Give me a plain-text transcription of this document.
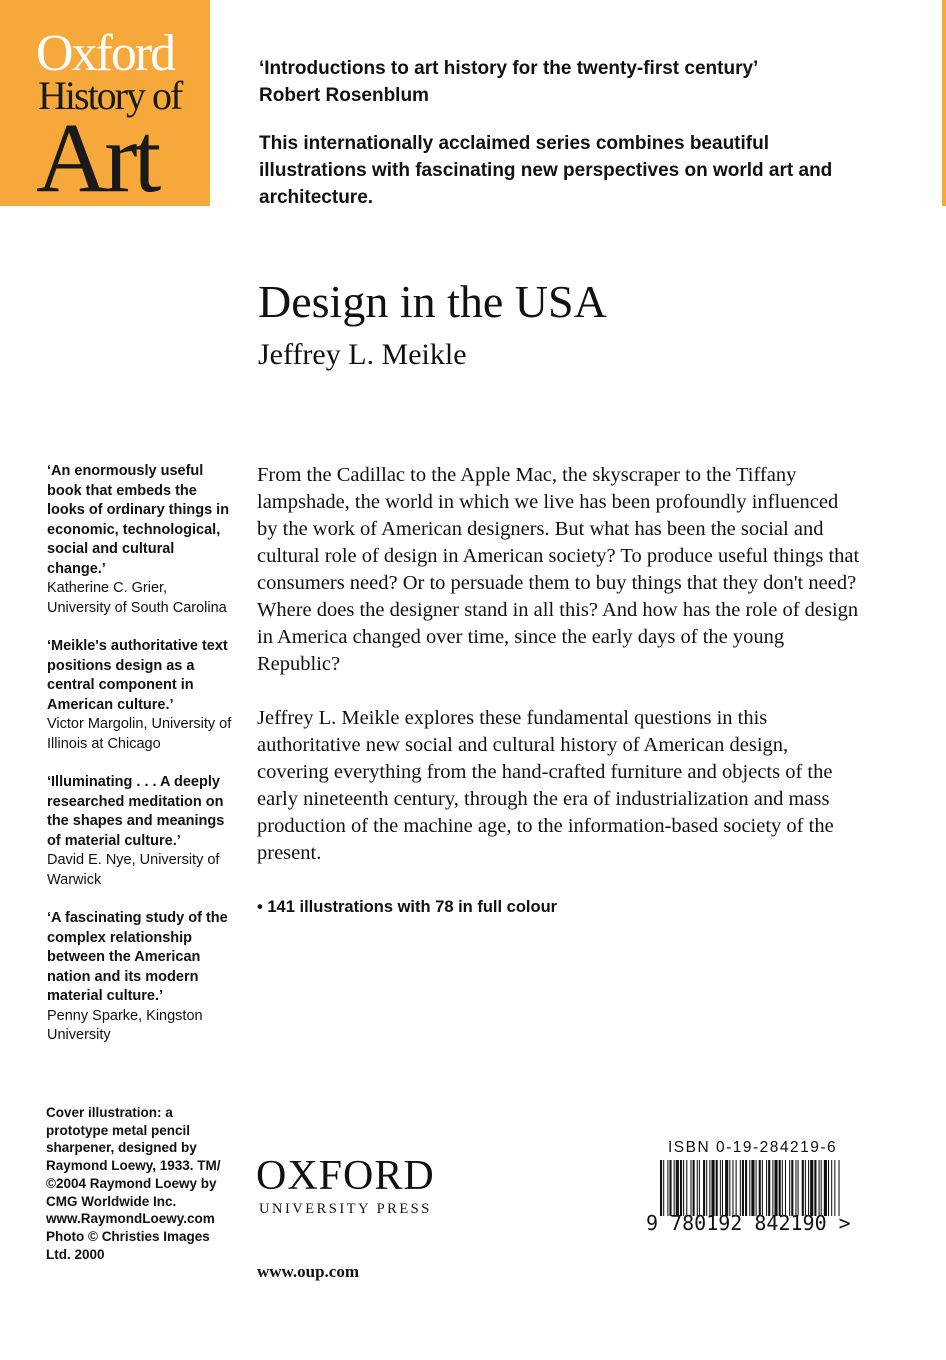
Oxford
History of
Art
‘Introductions to art history for the twenty-first century’
Robert Rosenblum
This internationally acclaimed series combines beautiful illustrations with fascinating new perspectives on world art and architecture.
Design in the USA
Jeffrey L. Meikle

From the Cadillac to the Apple Mac, the skyscraper to the Tiffany lampshade, the world in which we live has been profoundly influenced by the work of American designers. But what has been the social and cultural role of design in American society? To produce useful things that consumers need? Or to persuade them to buy things that they don't need? Where does the designer stand in all this? And how has the role of design in America changed over time, since the early days of the young Republic?

Jeffrey L. Meikle explores these fundamental questions in this authoritative new social and cultural history of American design, covering everything from the hand-crafted furniture and objects of the early nineteenth century, through the era of industrialization and mass production of the machine age, to the information-based society of the present.

• 141 illustrations with 78 in full colour
‘An enormously useful book that embeds the looks of ordinary things in economic, technological, social and cultural change.’
Katherine C. Grier, University of South Carolina
‘Meikle's authoritative text positions design as a central component in American culture.’
Victor Margolin, University of Illinois at Chicago
‘Illuminating . . . A deeply researched meditation on the shapes and meanings of material culture.’
David E. Nye, University of Warwick
‘A fascinating study of the complex relationship between the American nation and its modern material culture.’
Penny Sparke, Kingston University
Cover illustration: a prototype metal pencil sharpener, designed by Raymond Loewy, 1933. TM/©2004 Raymond Loewy by CMG Worldwide Inc. www.RaymondLoewy.com Photo © Christies Images Ltd. 2000
OXFORD
UNIVERSITY PRESS
www.oup.com
ISBN 0-19-284219-6
9 780192 842190 >
